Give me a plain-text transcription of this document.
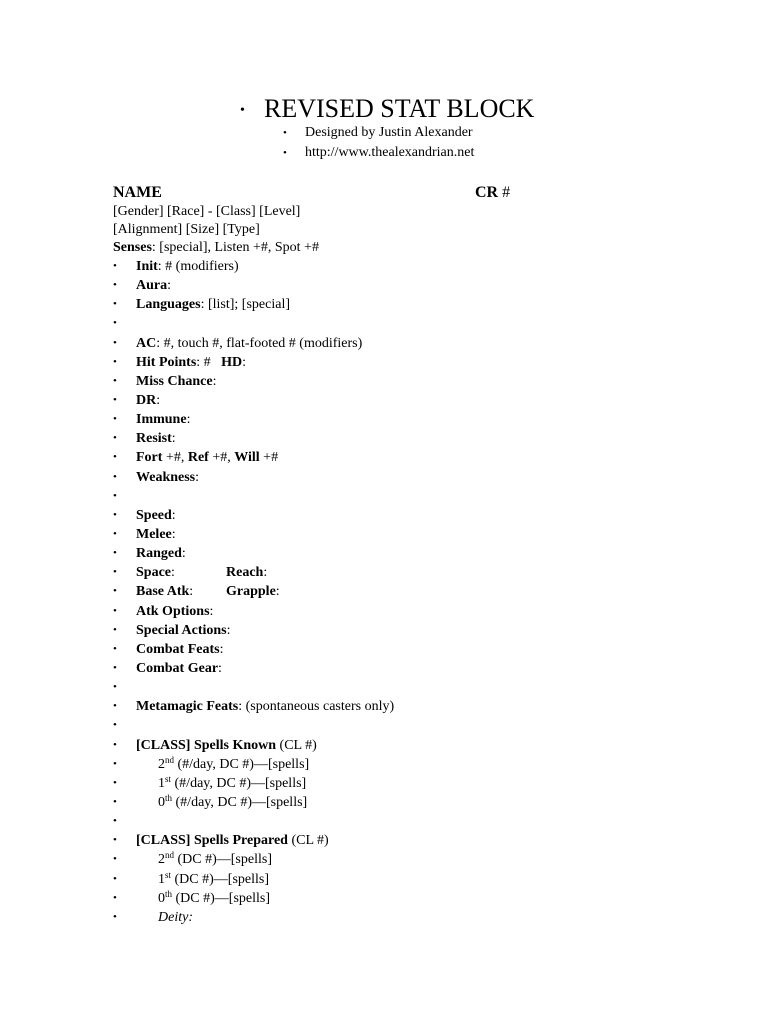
• REVISED STAT BLOCK
• Designed by Justin Alexander
• http://www.thealexandrian.net
NAME	CR #
[Gender] [Race] - [Class] [Level]
[Alignment] [Size] [Type]
Senses: [special], Listen +#, Spot +#
• Init: # (modifiers)
• Aura:
• Languages: [list]; [special]
•
• AC: #, touch #, flat-footed # (modifiers)
• Hit Points: #   HD:
• Miss Chance:
• DR:
• Immune:
• Resist:
• Fort +#, Ref +#, Will +#
• Weakness:
•
• Speed:
• Melee:
• Ranged:
• Space:	Reach:
• Base Atk: Grapple:
• Atk Options:
• Special Actions:
• Combat Feats:
• Combat Gear:
•
• Metamagic Feats: (spontaneous casters only)
•
• [CLASS] Spells Known (CL #)
•	2nd (#/day, DC #)—[spells]
•	1st (#/day, DC #)—[spells]
•	0th (#/day, DC #)—[spells]
•
• [CLASS] Spells Prepared (CL #)
•	2nd (DC #)—[spells]
•	1st (DC #)—[spells]
•	0th (DC #)—[spells]
•	Deity:
